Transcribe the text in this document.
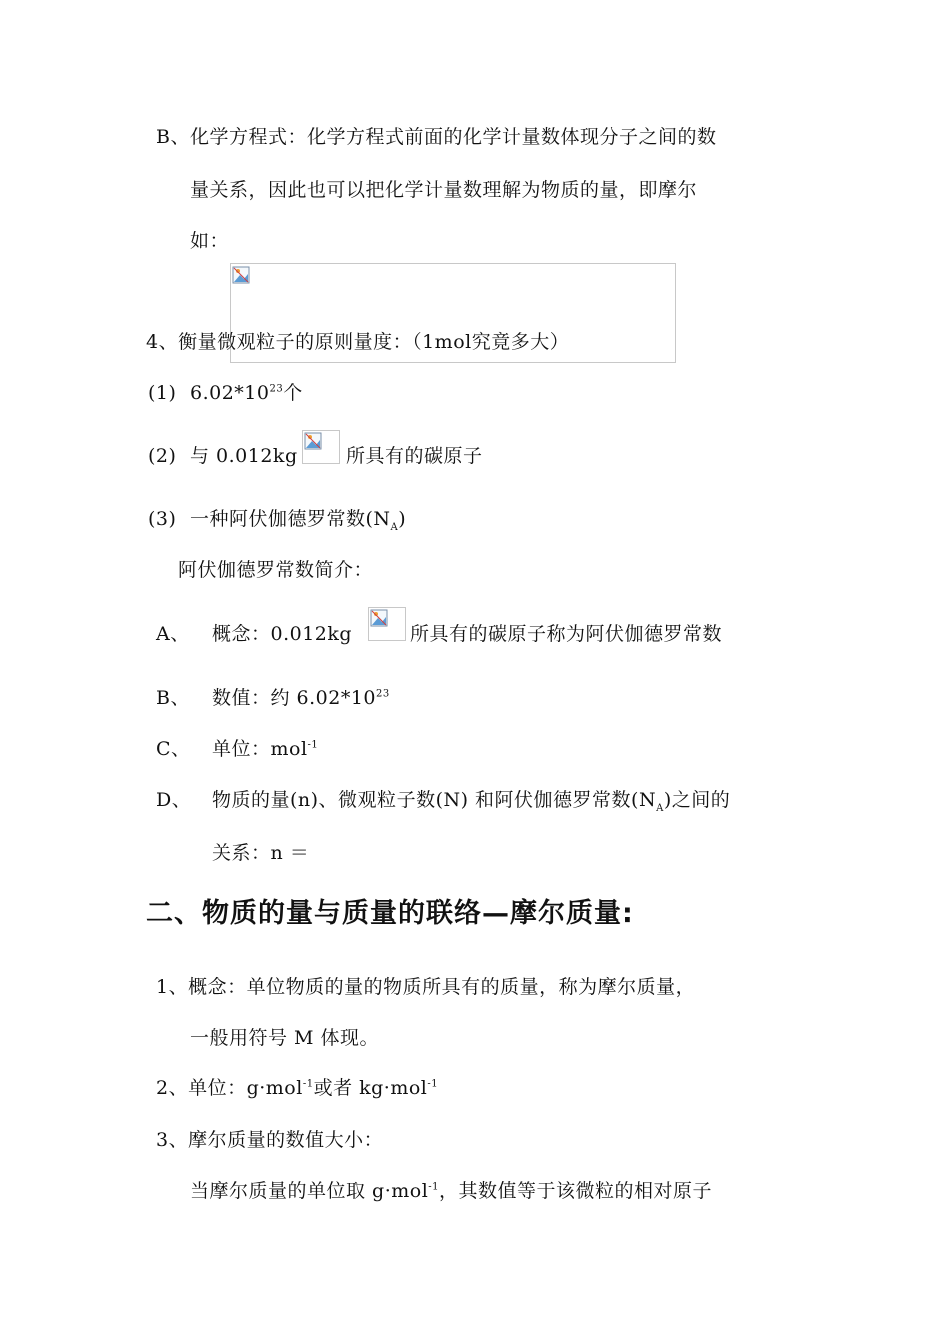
B、化学方程式：化学方程式前面的化学计量数体现分子之间的数
量关系，因此也可以把化学计量数理解为物质的量，即摩尔
如：
4、衡量微观粒子的原则量度：（1mol究竟多大）
(1) $6.02*10^{23}$个
(2) 与 0.012kg	所具有的碳原子
(3) 一种阿伏伽德罗常数$(N_A)$
阿伏伽德罗常数简介：
A、 概念：0.012kg	所具有的碳原子称为阿伏伽德罗常数
B、 数值：约 $6.02*10^{23}$
C、 单位：mol$^{-1}$
D、 物质的量(n)、微观粒子数(N) 和阿伏伽德罗常数$(N_A)$之间的
关系：n ＝
二、物质的量与质量的联络—摩尔质量:
1、概念：单位物质的量的物质所具有的质量，称为摩尔质量，
一般用符号 M 体现。
2、单位：g·mol$^{-1}$或者 kg·mol$^{-1}$
3、摩尔质量的数值大小：
当摩尔质量的单位取 g·mol$^{-1}$，其数值等于该微粒的相对原子
